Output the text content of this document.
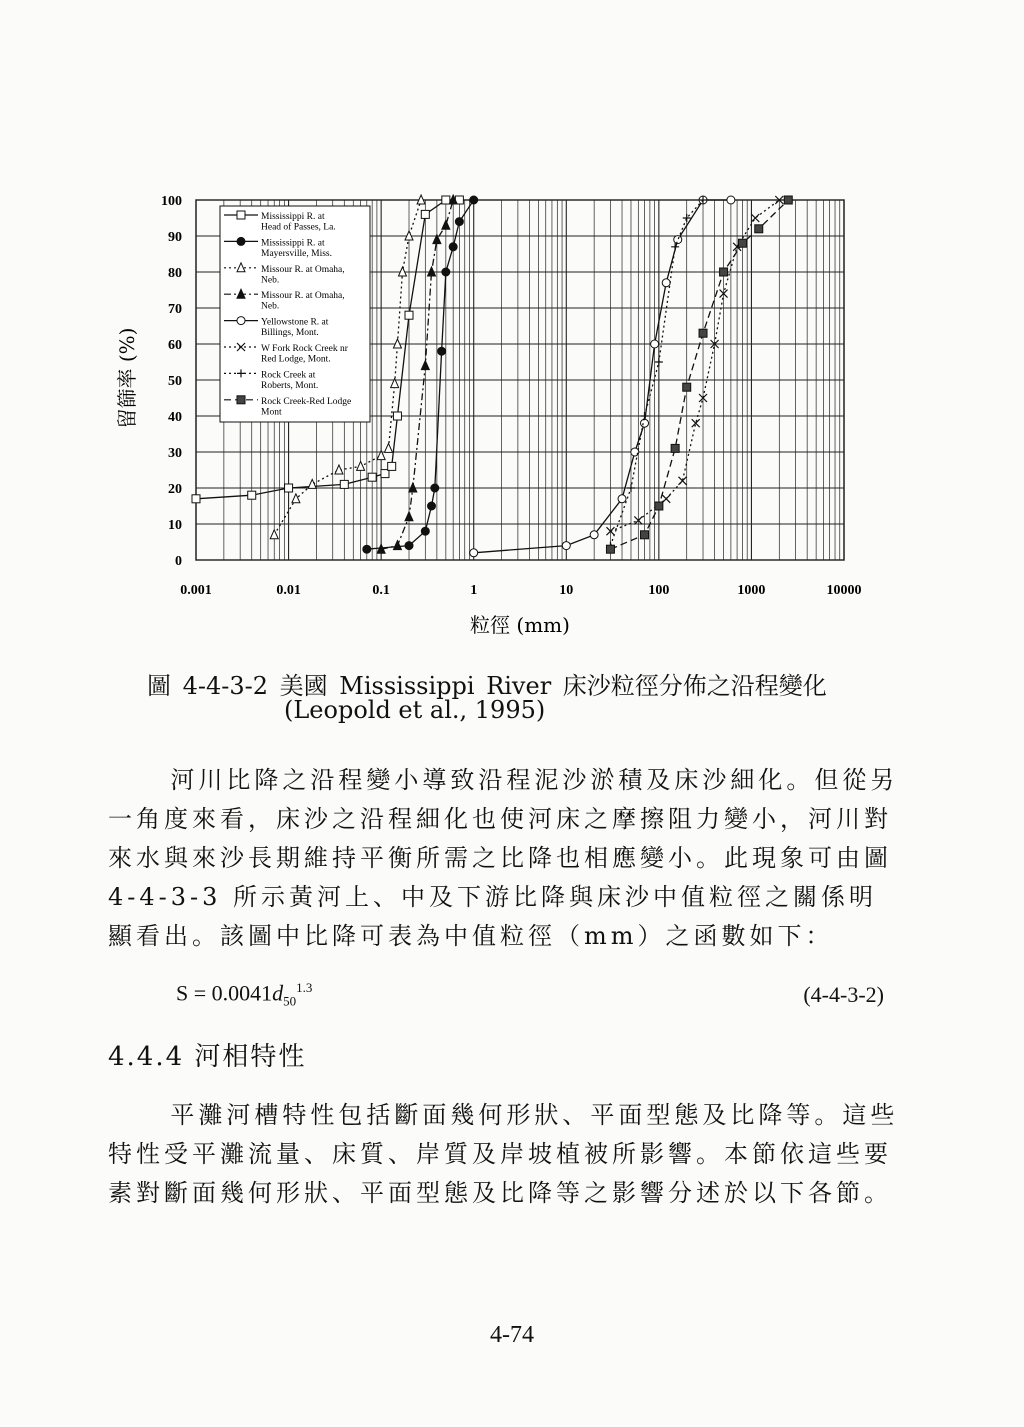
Mississippi R. at Head of Passes, La.
Mississippi R. at Mayersville, Miss.
Missour R. at Omaha, Neb.
Missour R. at Omaha, Neb.
Yellowstone R. at Billings, Mont.
W Fork Rock Creek nr Red Lodge, Mont.
Rock Creek at Roberts, Mont.
Rock Creek-Red Lodge Mont
0
10
20
30
40
50
60
70
80
90
100
0.001	0.01	0.1	1	10	100	1000	10000
粒徑 (mm)
留篩率 (%)
圖 4-4-3-2 美國 Mississippi River 床沙粒徑分佈之沿程變化
(Leopold et al., 1995)
河川比降之沿程變小導致沿程泥沙淤積及床沙細化。但從另一角度來看，床沙之沿程細化也使河床之摩擦阻力變小，河川對來水與來沙長期維持平衡所需之比降也相應變小。此現象可由圖 4-4-3-3 所示黃河上、中及下游比降與床沙中值粒徑之關係明顯看出。該圖中比降可表為中值粒徑（mm）之函數如下：
$S = 0.0041d_{50}^{1.3}$	(4-4-3-2)
4.4.4 河相特性
平灘河槽特性包括斷面幾何形狀、平面型態及比降等。這些特性受平灘流量、床質、岸質及岸坡植被所影響。本節依這些要素對斷面幾何形狀、平面型態及比降等之影響分述於以下各節。
4-74
